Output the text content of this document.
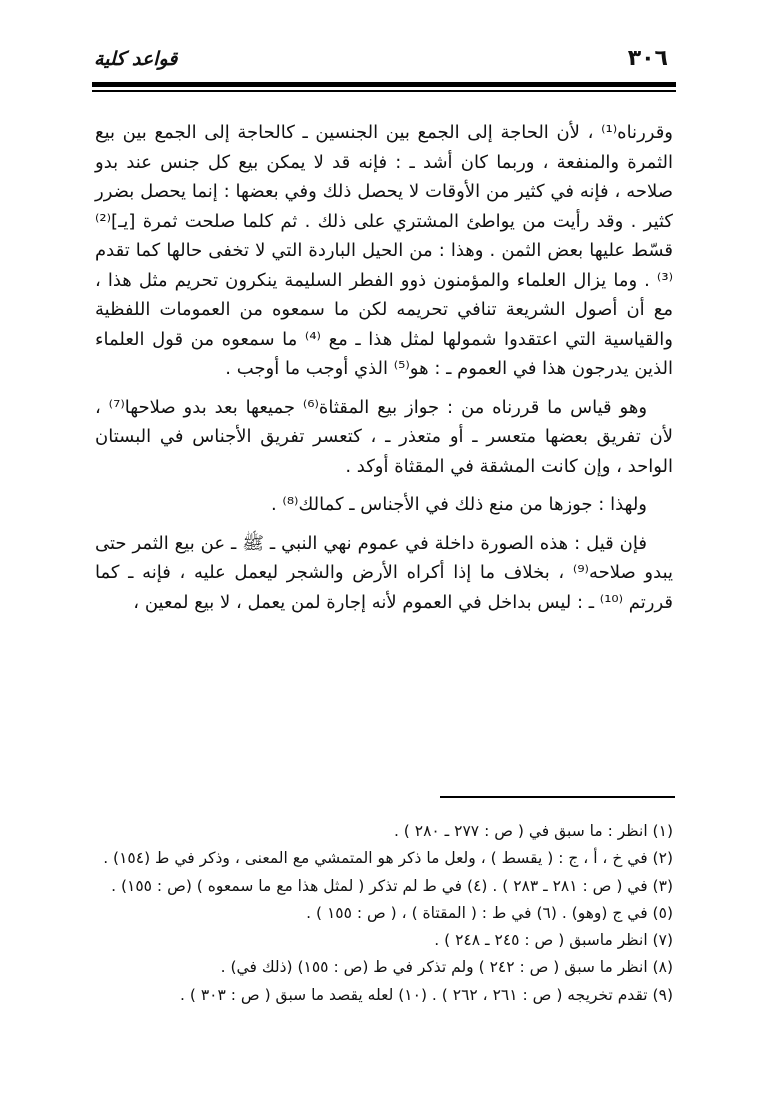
٣٠٦
قواعد كلية

وقررناه⁽¹⁾ ، لأن الحاجة إلى الجمع بين الجنسين ـ كالحاجة إلى الجمع بين بيع الثمرة والمنفعة ، وربما كان أشد ـ : فإنه قد لا يمكن بيع كل جنس عند بدو صلاحه ، فإنه في كثير من الأوقات لا يحصل ذلك وفي بعضها : إنما يحصل بضرر كثير . وقد رأيت من يواطئ المشتري على ذلك . ثم كلما صلحت ثمرة [يـ]⁽²⁾ قسّط عليها بعض الثمن . وهذا : من الحيل الباردة التي لا تخفى حالها كما تقدم ⁽³⁾ . وما يزال العلماء والمؤمنون ذوو الفطر السليمة ينكرون تحريم مثل هذا ، مع أن أصول الشريعة تنافي تحريمه لكن ما سمعوه من العمومات اللفظية والقياسية التي اعتقدوا شمولها لمثل هذا ـ مع ⁽⁴⁾ ما سمعوه من قول العلماء الذين يدرجون هذا في العموم ـ : هو⁽⁵⁾ الذي أوجب ما أوجب .

وهو قياس ما قررناه من : جواز بيع المقثاة⁽⁶⁾ جميعها بعد بدو صلاحها⁽⁷⁾ ، لأن تفريق بعضها متعسر ـ أو متعذر ـ ، كتعسر تفريق الأجناس في البستان الواحد ، وإن كانت المشقة في المقثاة أوكد .

ولهذا : جوزها من منع ذلك في الأجناس ـ كمالك⁽⁸⁾ .

فإن قيل : هذه الصورة داخلة في عموم نهي النبي ـ ﷺ ـ عن بيع الثمر حتى يبدو صلاحه⁽⁹⁾ ، بخلاف ما إذا أكراه الأرض والشجر ليعمل عليه ، فإنه ـ كما قررتم ⁽¹⁰⁾ ـ : ليس بداخل في العموم لأنه إجارة لمن يعمل ، لا بيع لمعين ،

(١) انظر : ما سبق في ( ص : ٢٧٧ ـ ٢٨٠ ) .

(٢) في خ ، أ ، ج : ( يقسط ) ، ولعل ما ذكر هو المتمشي مع المعنى ، وذكر في ط (١٥٤) .

(٣) في ( ص : ٢٨١ ـ ٢٨٣ ) . (٤) في ط لم تذكر ( لمثل هذا مع ما سمعوه ) (ص : ١٥٥) .

(٥) في ج (وهو) . (٦) في ط : ( المقتاة ) ، ( ص : ١٥٥ ) .

(٧) انظر ماسبق ( ص : ٢٤٥ ـ ٢٤٨ ) .

(٨) انظر ما سبق ( ص : ٢٤٢ ) ولم تذكر في ط (ص : ١٥٥) (ذلك في) .

(٩) تقدم تخريجه ( ص : ٢٦١ ، ٢٦٢ ) . (١٠) لعله يقصد ما سبق ( ص : ٣٠٣ ) .
